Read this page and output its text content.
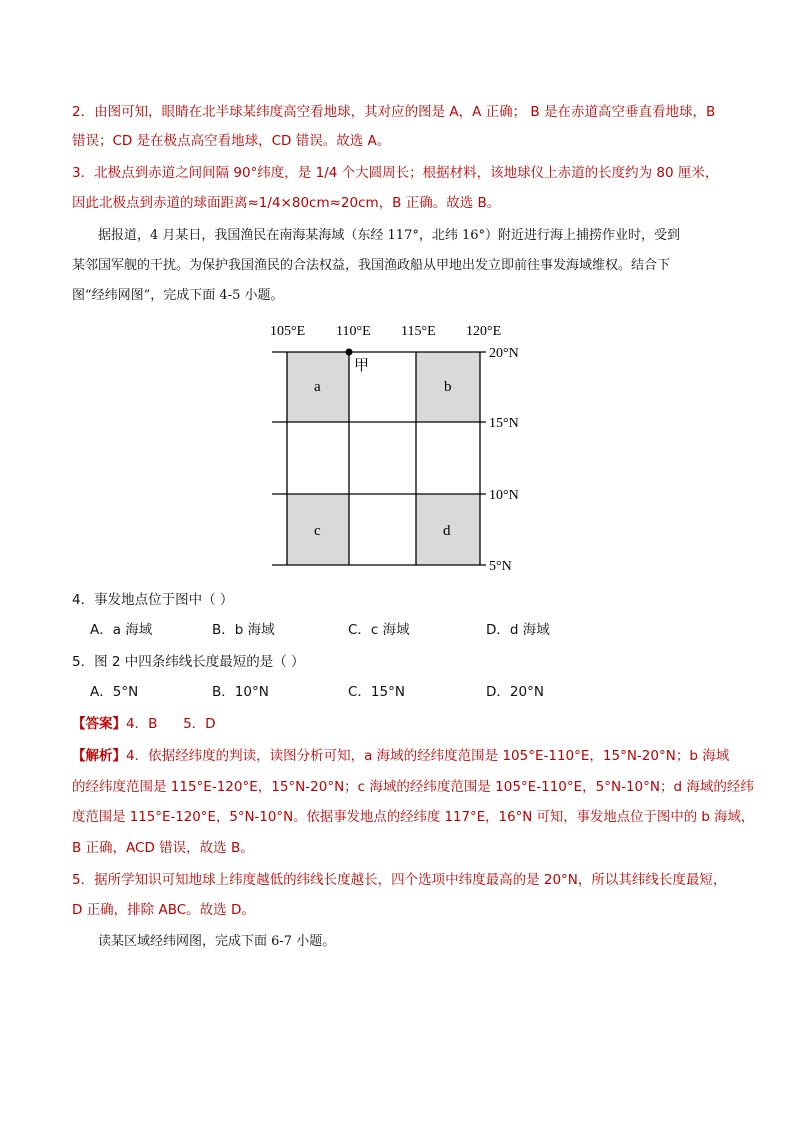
2．由图可知，眼睛在北半球某纬度高空看地球，其对应的图是 A，A 正确； B 是在赤道高空垂直看地球，B
错误；CD 是在极点高空看地球，CD 错误。故选 A。
3．北极点到赤道之间间隔 90°纬度，是 1/4 个大圆周长；根据材料，该地球仪上赤道的长度约为 80 厘米，
因此北极点到赤道的球面距离≈1/4×80cm≈20cm，B 正确。故选 B。
据报道，4 月某日，我国渔民在南海某海域（东经 117°，北纬 16°）附近进行海上捕捞作业时，受到
某邻国军舰的干扰。为保护我国渔民的合法权益，我国渔政船从甲地出发立即前往事发海域维权。结合下
图“经纬网图”，完成下面 4-5 小题。
甲
105°E 110°E 115°E 120°E
20°N
15°N
10°N
5°N
a	b
c	d
4．事发地点位于图中（ ）
A．a 海域	B．b 海域	C．c 海域	D．d 海域
5．图 2 中四条纬线长度最短的是（ ）
A．5°N	B．10°N	C．15°N	D．20°N
【答案】4．B      5．D
【解析】4．依据经纬度的判读，读图分析可知，a 海域的经纬度范围是 105°E-110°E，15°N-20°N；b 海域
的经纬度范围是 115°E-120°E，15°N-20°N；c 海域的经纬度范围是 105°E-110°E，5°N-10°N；d 海域的经纬
度范围是 115°E-120°E，5°N-10°N。依据事发地点的经纬度 117°E，16°N 可知，事发地点位于图中的 b 海域，
B 正确，ACD 错误，故选 B。
5．据所学知识可知地球上纬度越低的纬线长度越长，四个选项中纬度最高的是 20°N，所以其纬线长度最短，
D 正确，排除 ABC。故选 D。
读某区域经纬网图，完成下面 6-7 小题。
